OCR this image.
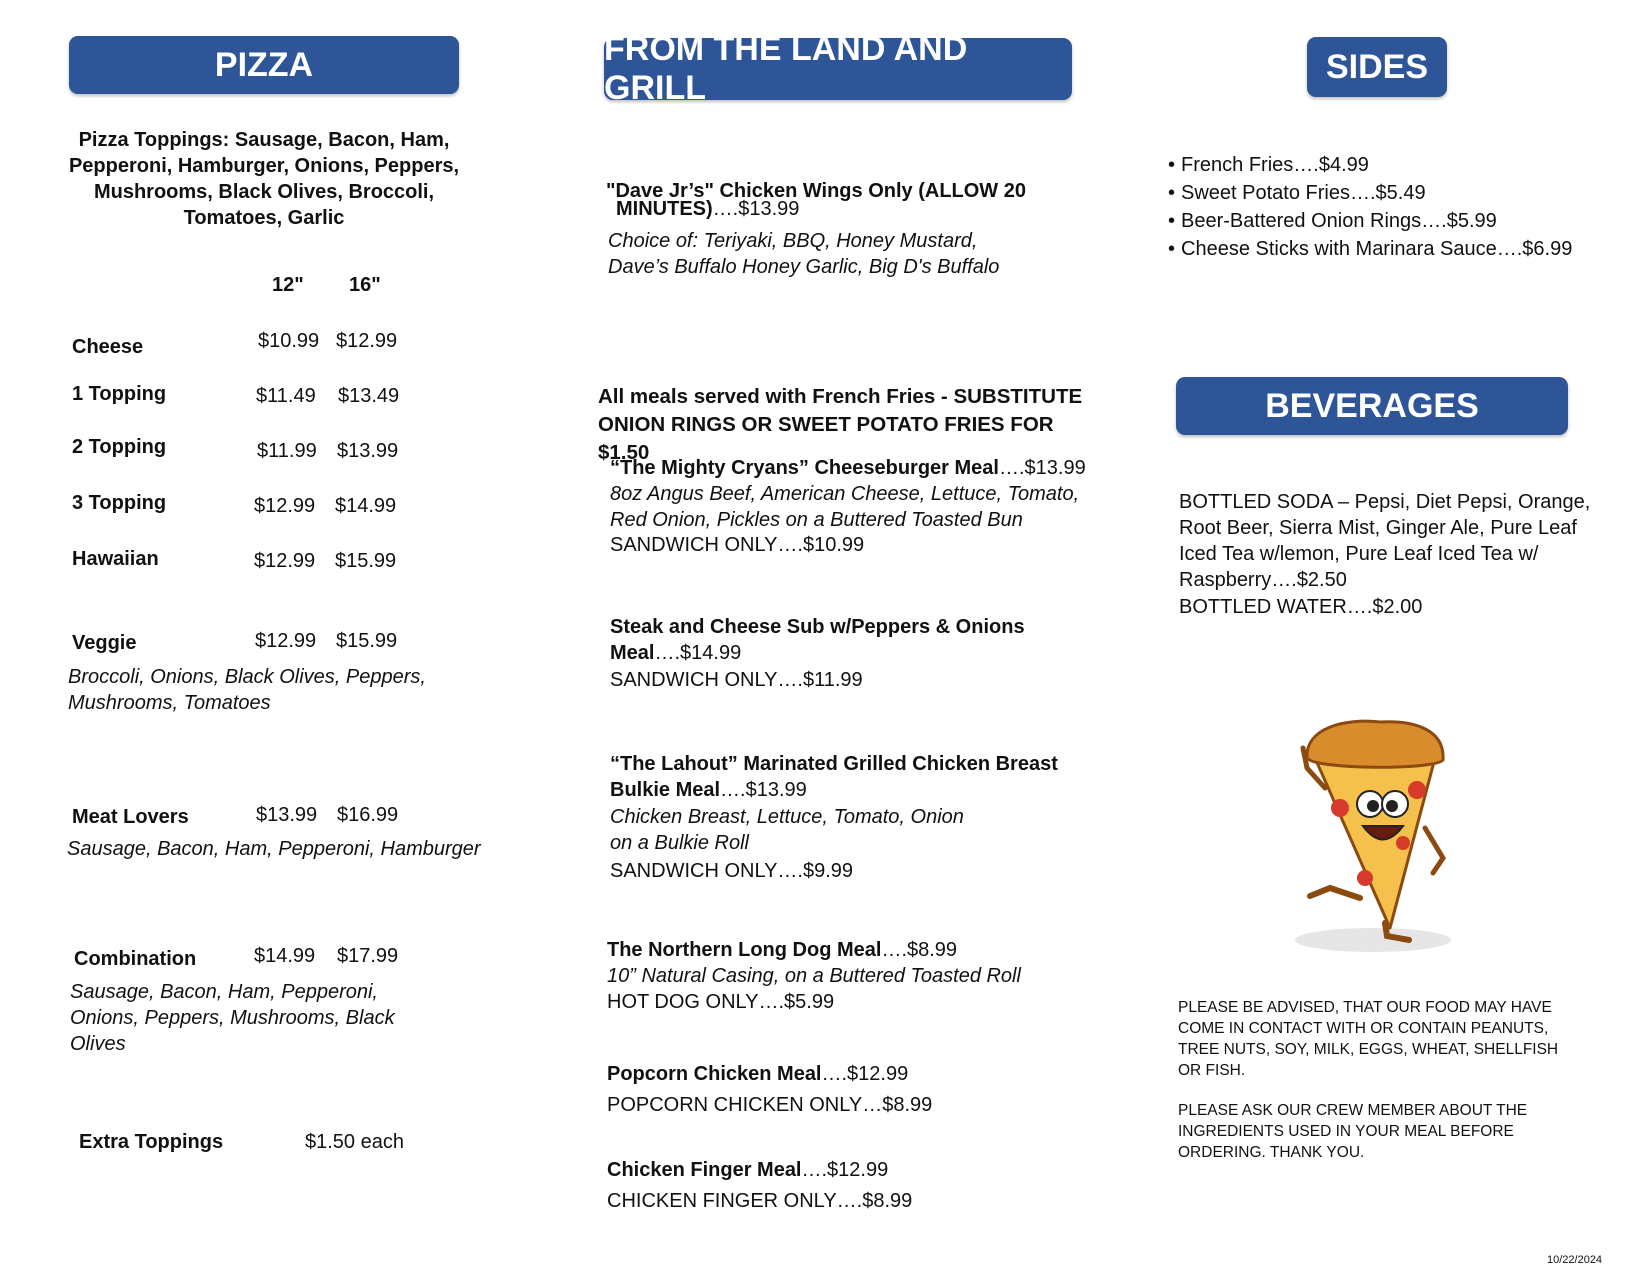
PIZZA
Pizza Toppings: Sausage, Bacon, Ham, Pepperoni, Hamburger, Onions, Peppers, Mushrooms, Black Olives, Broccoli, Tomatoes, Garlic
12" 16"
Cheese	$10.99 $12.99
1 Topping	$11.49 $13.49
2 Topping	$11.99 $13.99
3 Topping	$12.99 $14.99
Hawaiian	$12.99 $15.99
Veggie	$12.99 $15.99
Broccoli, Onions, Black Olives, Peppers, Mushrooms, Tomatoes
Meat Lovers	$13.99 $16.99
Sausage, Bacon, Ham, Pepperoni, Hamburger
Combination	$14.99 $17.99
Sausage, Bacon, Ham, Pepperoni, Onions, Peppers, Mushrooms, Black Olives
Extra Toppings	$1.50 each
FROM THE LAND AND GRILL
"Dave Jr’s" Chicken Wings Only (ALLOW 20
MINUTES)….$13.99
Choice of: Teriyaki, BBQ, Honey Mustard, Dave’s Buffalo Honey Garlic, Big D's Buffalo
All meals served with French Fries - SUBSTITUTE ONION RINGS OR SWEET POTATO FRIES FOR $1.50
“The Mighty Cryans” Cheeseburger Meal….$13.99
8oz Angus Beef, American Cheese, Lettuce, Tomato, Red Onion, Pickles on a Buttered Toasted Bun
SANDWICH ONLY….$10.99
Steak and Cheese Sub w/Peppers & Onions Meal….$14.99
SANDWICH ONLY….$11.99
“The Lahout” Marinated Grilled Chicken Breast Bulkie Meal….$13.99
Chicken Breast, Lettuce, Tomato, Onion on a Bulkie Roll
SANDWICH ONLY….$9.99
The Northern Long Dog Meal….$8.99
10” Natural Casing, on a Buttered Toasted Roll
HOT DOG ONLY….$5.99
Popcorn Chicken Meal….$12.99
POPCORN CHICKEN ONLY…$8.99
Chicken Finger Meal….$12.99
CHICKEN FINGER ONLY….$8.99
SIDES
• French Fries….$4.99
• Sweet Potato Fries….$5.49
• Beer-Battered Onion Rings….$5.99
• Cheese Sticks with Marinara Sauce….$6.99
BEVERAGES
BOTTLED SODA – Pepsi, Diet Pepsi, Orange, Root Beer, Sierra Mist, Ginger Ale, Pure Leaf Iced Tea w/lemon, Pure Leaf Iced Tea w/ Raspberry….$2.50
BOTTLED WATER….$2.00
PLEASE BE ADVISED, THAT OUR FOOD MAY HAVE COME IN CONTACT WITH OR CONTAIN PEANUTS, TREE NUTS, SOY, MILK, EGGS, WHEAT, SHELLFISH OR FISH.
PLEASE ASK OUR CREW MEMBER ABOUT THE INGREDIENTS USED IN YOUR MEAL BEFORE ORDERING. THANK YOU.
10/22/2024
